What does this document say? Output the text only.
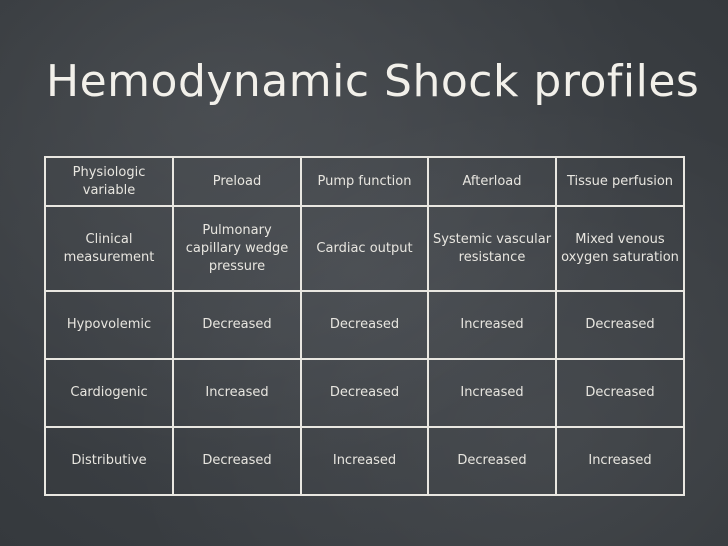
Hemodynamic Shock profiles
Physiologic
variable	Preload	Pump function	Afterload	Tissue perfusion
Clinical
measurement	Pulmonary
capillary wedge
pressure	Cardiac output	Systemic vascular
resistance	Mixed venous
oxygen saturation
Hypovolemic	Decreased	Decreased	Increased	Decreased
Cardiogenic	Increased	Decreased	Increased	Decreased
Distributive	Decreased	Increased	Decreased	Increased
